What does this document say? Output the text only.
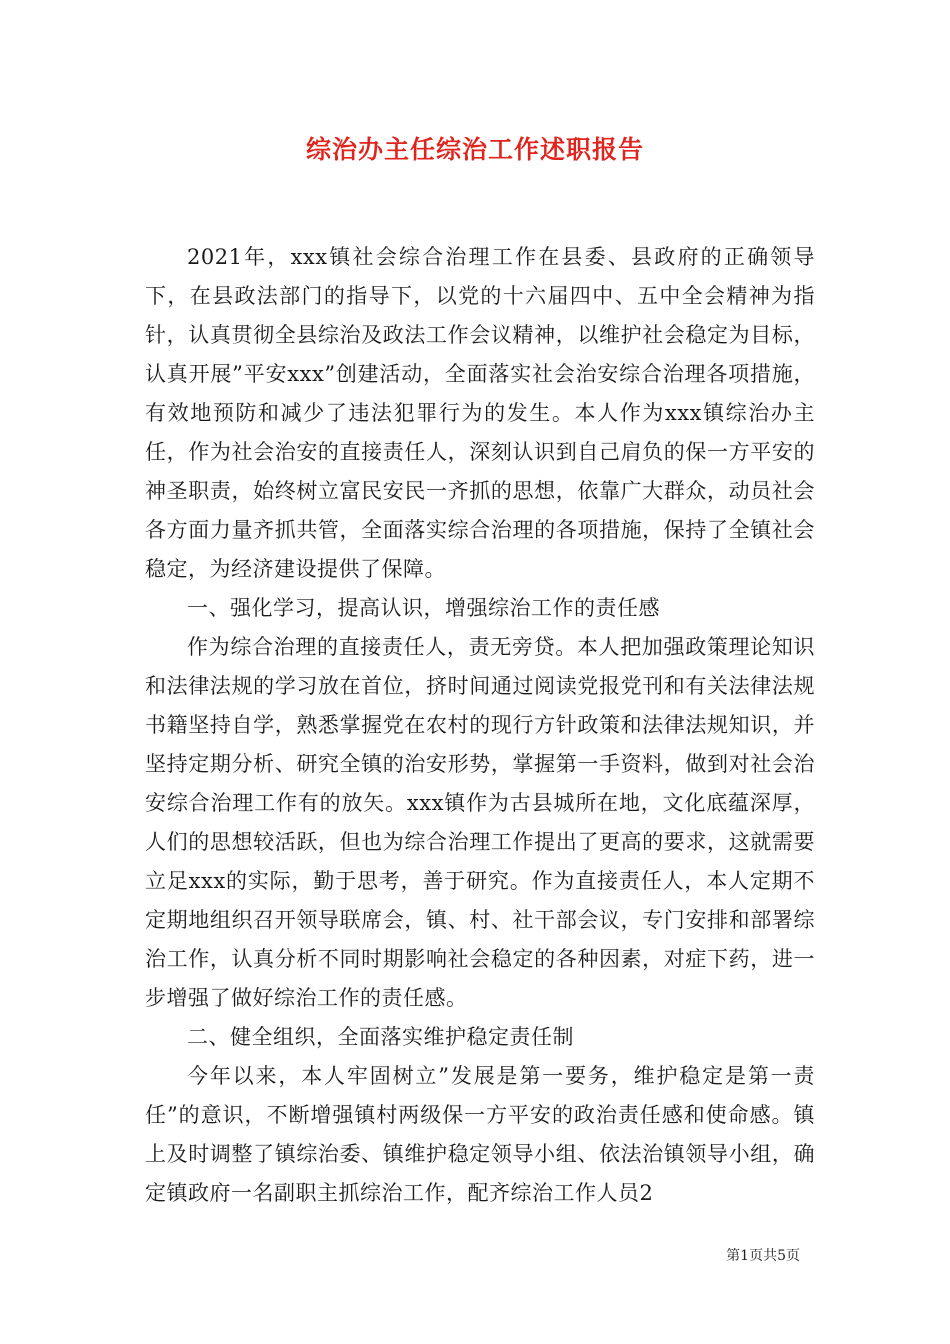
综治办主任综治工作述职报告

2021年，xxx镇社会综合治理工作在县委、县政府的正确领导下，在县政法部门的指导下，以党的十六届四中、五中全会精神为指针，认真贯彻全县综治及政法工作会议精神，以维护社会稳定为目标，认真开展”平安xxx”创建活动，全面落实社会治安综合治理各项措施，有效地预防和减少了违法犯罪行为的发生。本人作为xxx镇综治办主任，作为社会治安的直接责任人，深刻认识到自己肩负的保一方平安的神圣职责，始终树立富民安民一齐抓的思想，依靠广大群众，动员社会各方面力量齐抓共管，全面落实综合治理的各项措施，保持了全镇社会稳定，为经济建设提供了保障。

一、强化学习，提高认识，增强综治工作的责任感

作为综合治理的直接责任人，责无旁贷。本人把加强政策理论知识和法律法规的学习放在首位，挤时间通过阅读党报党刊和有关法律法规书籍坚持自学，熟悉掌握党在农村的现行方针政策和法律法规知识，并坚持定期分析、研究全镇的治安形势，掌握第一手资料，做到对社会治安综合治理工作有的放矢。xxx镇作为古县城所在地，文化底蕴深厚，人们的思想较活跃，但也为综合治理工作提出了更高的要求，这就需要立足xxx的实际，勤于思考，善于研究。作为直接责任人，本人定期不定期地组织召开领导联席会，镇、村、社干部会议，专门安排和部署综治工作，认真分析不同时期影响社会稳定的各种因素，对症下药，进一步增强了做好综治工作的责任感。

二、健全组织，全面落实维护稳定责任制

今年以来，本人牢固树立”发展是第一要务，维护稳定是第一责任”的意识，不断增强镇村两级保一方平安的政治责任感和使命感。镇上及时调整了镇综治委、镇维护稳定领导小组、依法治镇领导小组，确定镇政府一名副职主抓综治工作，配齐综治工作人员2

第1页共5页
